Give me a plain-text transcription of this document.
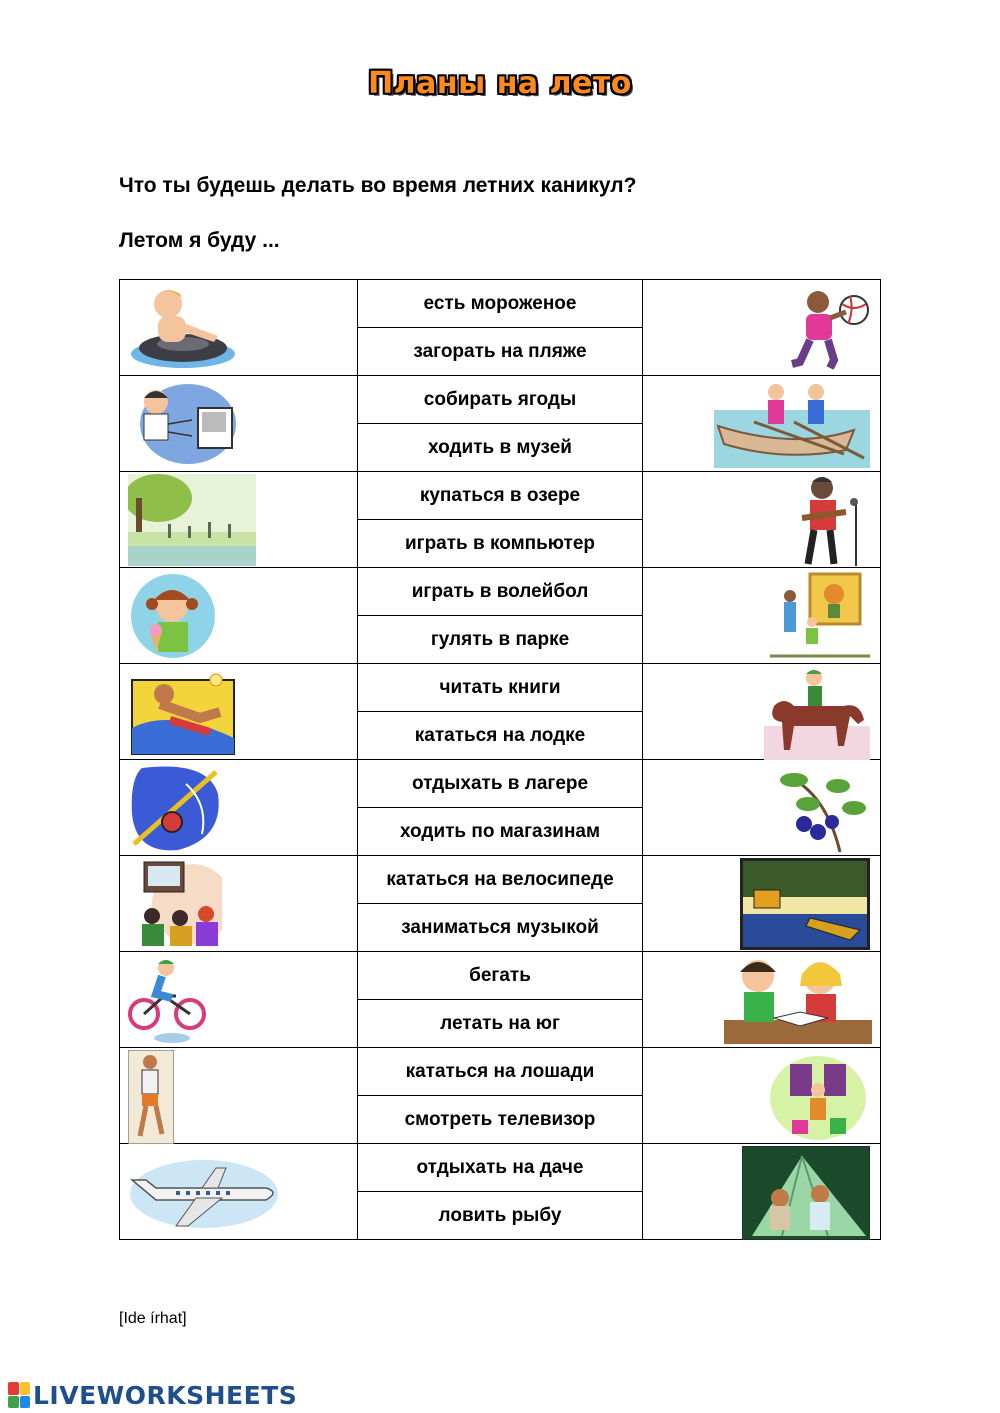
Планы на лето
Что ты будешь делать во время летних каникул?
Летом я буду ...
	есть мороженое	

	загорать на пляже	

	собирать ягоды	

	ходить в музей	

	купаться в озере	

	играть в компьютер	

	играть в волейбол	

	гулять в парке	

	читать книги	

	кататься на лодке	

	отдыхать в лагере	

	ходить по магазинам	

	кататься на велосипеде	

	заниматься музыкой	

	бегать	

	летать на юг	

	кататься на лошади	

	смотреть телевизор	

	отдыхать на даче	

	ловить рыбу	
[Ide írhat]
LIVEWORKSHEETS
